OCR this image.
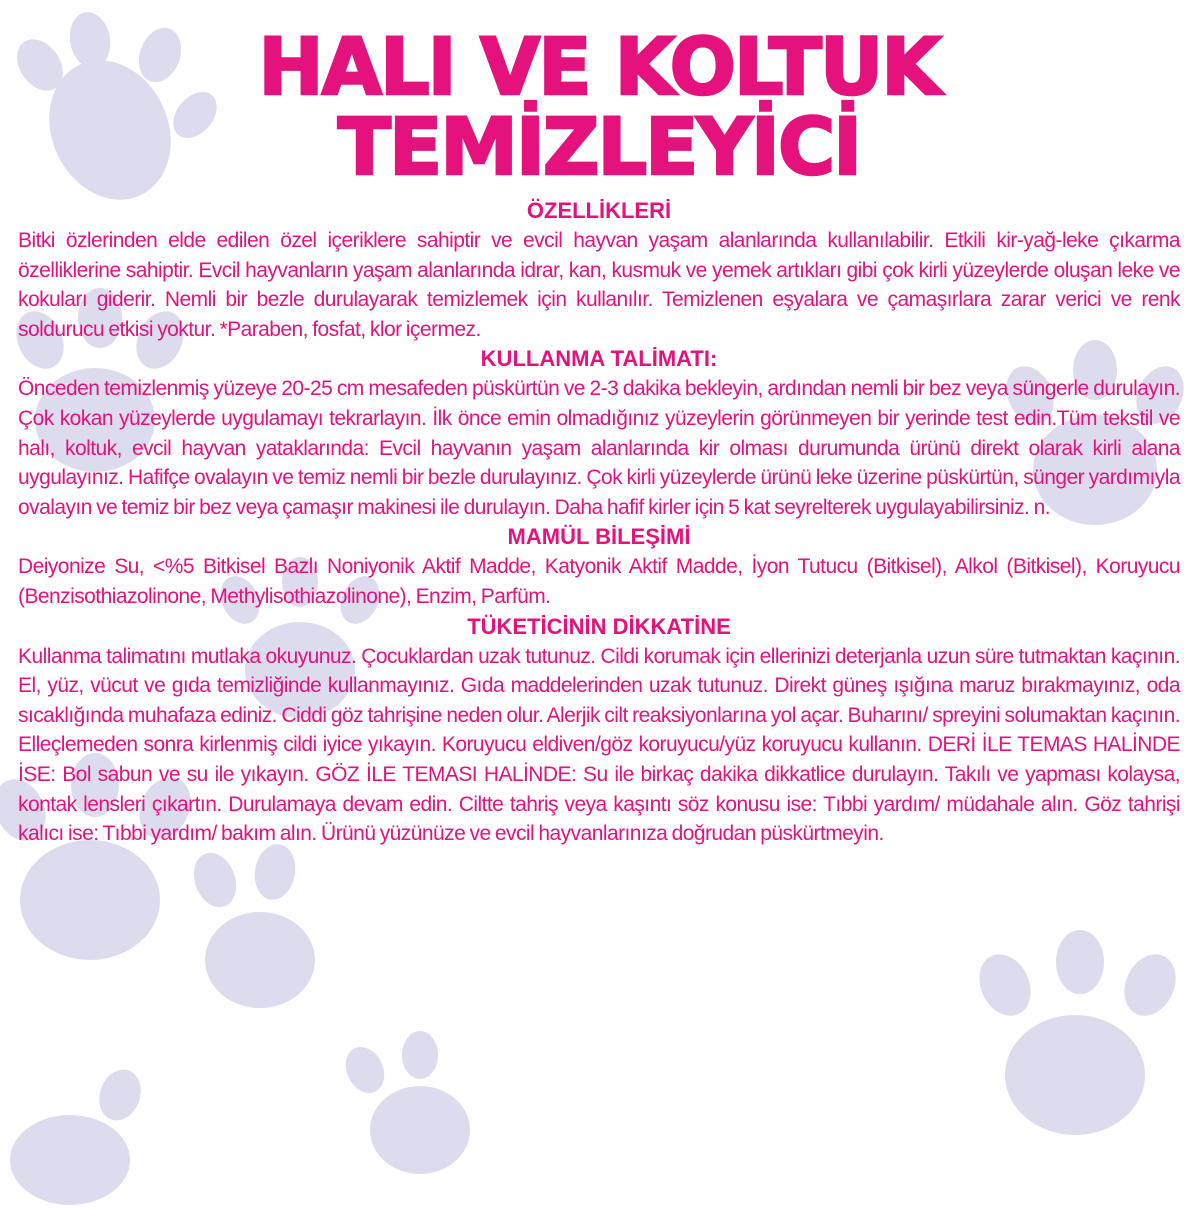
HALI VE KOLTUK
TEMİZLEYİCİ
ÖZELLİKLERİ

Bitki özlerinden elde edilen özel içeriklere sahiptir ve evcil hayvan yaşam alanlarında kullanılabilir. Etkili kir-yağ-leke çıkarma özelliklerine sahiptir. Evcil hayvanların yaşam alanlarında idrar, kan, kusmuk ve yemek artıkları gibi çok kirli yüzeylerde oluşan leke ve kokuları giderir. Nemli bir bezle durulayarak temizlemek için kullanılır. Temizlenen eşyalara ve çamaşırlara zarar verici ve renk soldurucu etkisi yoktur. *Paraben, fosfat, klor içermez.

KULLANMA TALİMATI:

Önceden temizlenmiş yüzeye 20-25 cm mesafeden püskürtün ve 2-3 dakika bekleyin, ardından nemli bir bez veya süngerle durulayın. Çok kokan yüzeylerde uygulamayı tekrarlayın. İlk önce emin olmadığınız yüzeylerin görünmeyen bir yerinde test edin.Tüm tekstil ve halı, koltuk, evcil hayvan yataklarında: Evcil hayvanın yaşam alanlarında kir olması durumunda ürünü direkt olarak kirli alana uygulayınız. Hafifçe ovalayın ve temiz nemli bir bezle durulayınız. Çok kirli yüzeylerde ürünü leke üzerine püskürtün, sünger yardımıyla ovalayın ve temiz bir bez veya çamaşır makinesi ile durulayın. Daha hafif kirler için 5 kat seyrelterek uygulayabilirsiniz. n.

MAMÜL BİLEŞİMİ

Deiyonize Su, <%5 Bitkisel Bazlı Noniyonik Aktif Madde, Katyonik Aktif Madde, İyon Tutucu (Bitkisel), Alkol (Bitkisel), Koruyucu (Benzisothiazolinone, Methylisothiazolinone), Enzim, Parfüm.

TÜKETİCİNİN DİKKATİNE

Kullanma talimatını mutlaka okuyunuz. Çocuklardan uzak tutunuz. Cildi korumak için ellerinizi deterjanla uzun süre tutmaktan kaçının. El, yüz, vücut ve gıda temizliğinde kullanmayınız. Gıda maddelerinden uzak tutunuz. Direkt güneş ışığına maruz bırakmayınız, oda sıcaklığında muhafaza ediniz. Ciddi göz tahrişine neden olur. Alerjik cilt reaksiyonlarına yol açar. Buharını/ spreyini solumaktan kaçının. Elleçlemeden sonra kirlenmiş cildi iyice yıkayın. Koruyucu eldiven/göz koruyucu/yüz koruyucu kullanın. DERİ İLE TEMAS HALİNDE İSE: Bol sabun ve su ile yıkayın. GÖZ İLE TEMASI HALİNDE: Su ile birkaç dakika dikkatlice durulayın. Takılı ve yapması kolaysa, kontak lensleri çıkartın. Durulamaya devam edin. Ciltte tahriş veya kaşıntı söz konusu ise: Tıbbi yardım/ müdahale alın. Göz tahrişi kalıcı ise: Tıbbi yardım/ bakım alın. Ürünü yüzünüze ve evcil hayvanlarınıza doğrudan püskürtmeyin.
